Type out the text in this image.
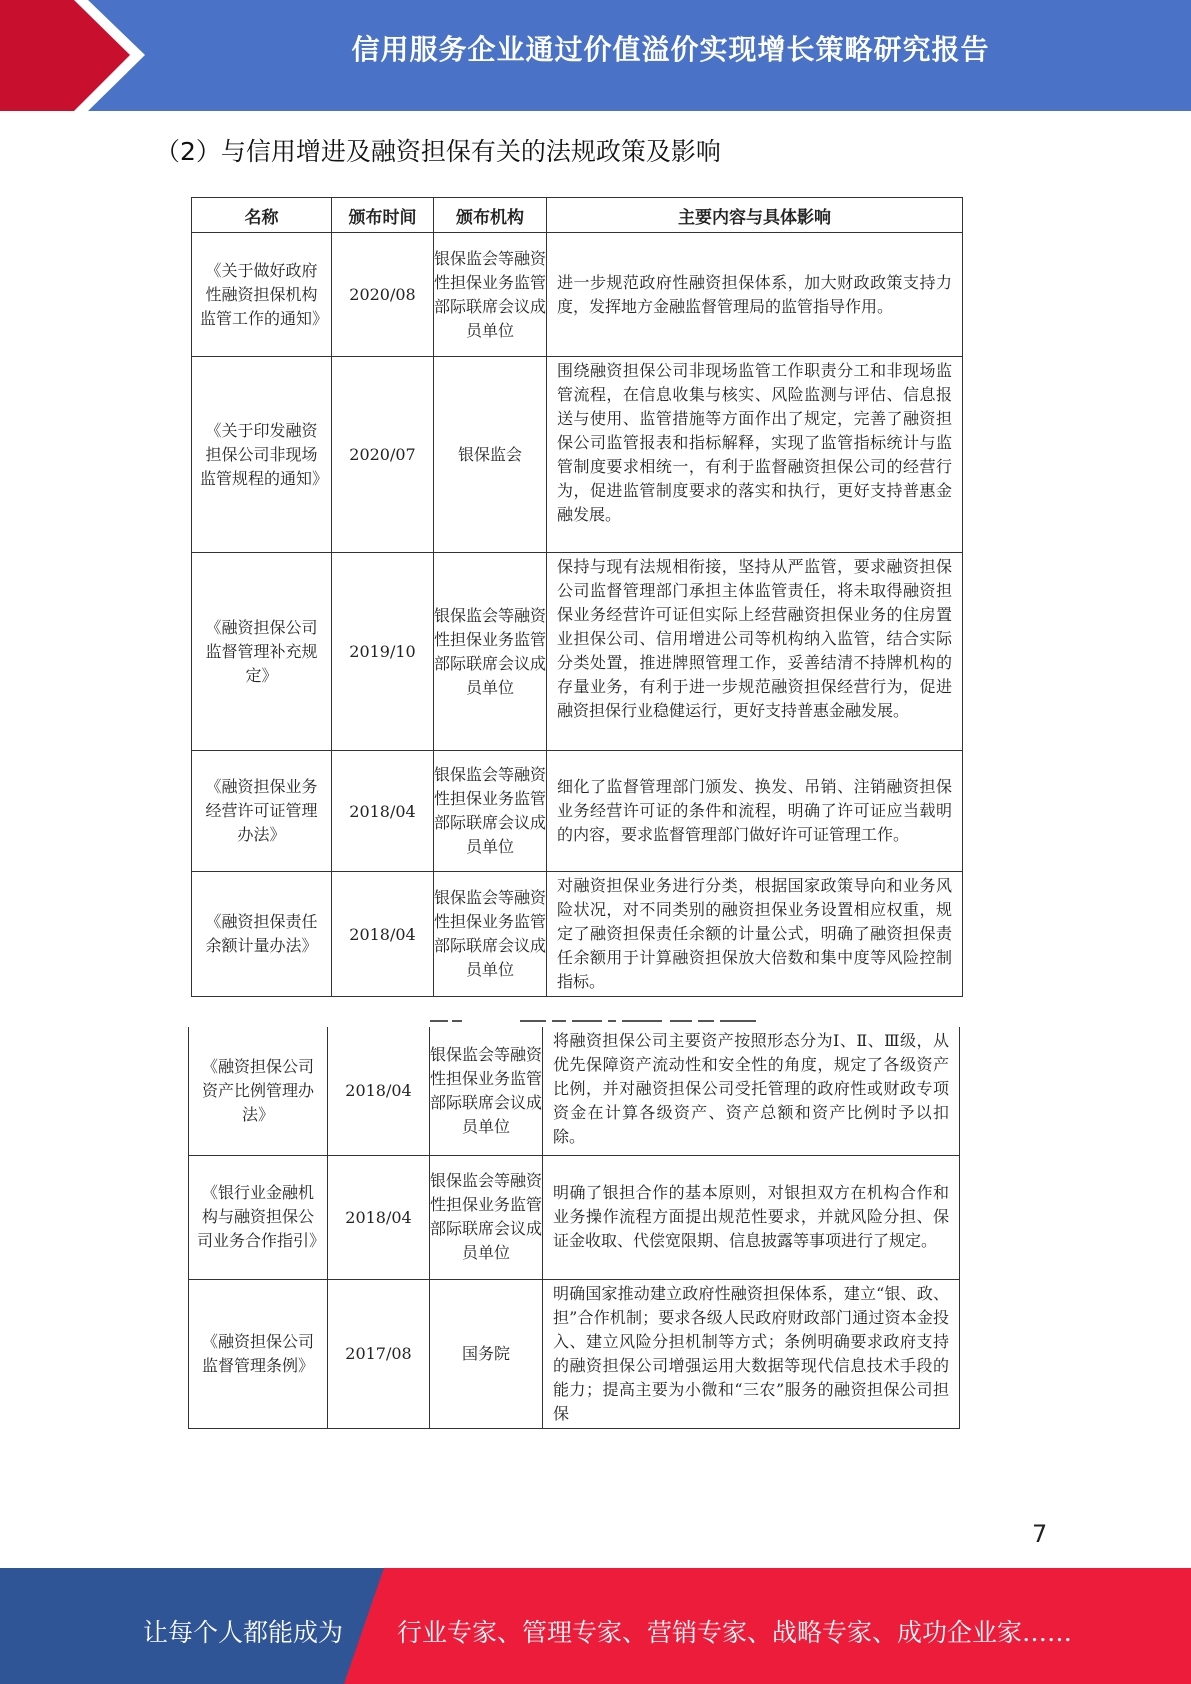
信用服务企业通过价值溢价实现增长策略研究报告
（2）与信用增进及融资担保有关的法规政策及影响
名称	颁布时间	颁布机构	主要内容与具体影响
《关于做好政府性融资担保机构监管工作的通知》	2020/08	银保监会等融资性担保业务监管部际联席会议成员单位	进一步规范政府性融资担保体系，加大财政政策支持力度，发挥地方金融监督管理局的监管指导作用。
《关于印发融资担保公司非现场监管规程的通知》	2020/07	银保监会	围绕融资担保公司非现场监管工作职责分工和非现场监管流程，在信息收集与核实、风险监测与评估、信息报送与使用、监管措施等方面作出了规定，完善了融资担保公司监管报表和指标解释，实现了监管指标统计与监管制度要求相统一，有利于监督融资担保公司的经营行为，促进监管制度要求的落实和执行，更好支持普惠金融发展。
《融资担保公司监督管理补充规定》	2019/10	银保监会等融资性担保业务监管部际联席会议成员单位	保持与现有法规相衔接，坚持从严监管，要求融资担保公司监督管理部门承担主体监管责任，将未取得融资担保业务经营许可证但实际上经营融资担保业务的住房置业担保公司、信用增进公司等机构纳入监管，结合实际分类处置，推进牌照管理工作，妥善结清不持牌机构的存量业务，有利于进一步规范融资担保经营行为，促进融资担保行业稳健运行，更好支持普惠金融发展。
《融资担保业务经营许可证管理办法》	2018/04	银保监会等融资性担保业务监管部际联席会议成员单位	细化了监督管理部门颁发、换发、吊销、注销融资担保业务经营许可证的条件和流程，明确了许可证应当载明的内容，要求监督管理部门做好许可证管理工作。
《融资担保责任余额计量办法》	2018/04	银保监会等融资性担保业务监管部际联席会议成员单位	对融资担保业务进行分类，根据国家政策导向和业务风险状况，对不同类别的融资担保业务设置相应权重，规定了融资担保责任余额的计量公式，明确了融资担保责任余额用于计算融资担保放大倍数和集中度等风险控制指标。
《融资担保公司资产比例管理办法》	2018/04	银保监会等融资性担保业务监管部际联席会议成员单位	将融资担保公司主要资产按照形态分为Ⅰ、Ⅱ、Ⅲ级，从优先保障资产流动性和安全性的角度，规定了各级资产比例，并对融资担保公司受托管理的政府性或财政专项资金在计算各级资产、资产总额和资产比例时予以扣除。
《银行业金融机构与融资担保公司业务合作指引》	2018/04	银保监会等融资性担保业务监管部际联席会议成员单位	明确了银担合作的基本原则，对银担双方在机构合作和业务操作流程方面提出规范性要求，并就风险分担、保证金收取、代偿宽限期、信息披露等事项进行了规定。
《融资担保公司监督管理条例》	2017/08	国务院	明确国家推动建立政府性融资担保体系，建立“银、政、担”合作机制；要求各级人民政府财政部门通过资本金投入、建立风险分担机制等方式；条例明确要求政府支持的融资担保公司增强运用大数据等现代信息技术手段的能力；提高主要为小微和“三农”服务的融资担保公司担保
7
让每个人都能成为 行业专家、管理专家、营销专家、战略专家、成功企业家……
